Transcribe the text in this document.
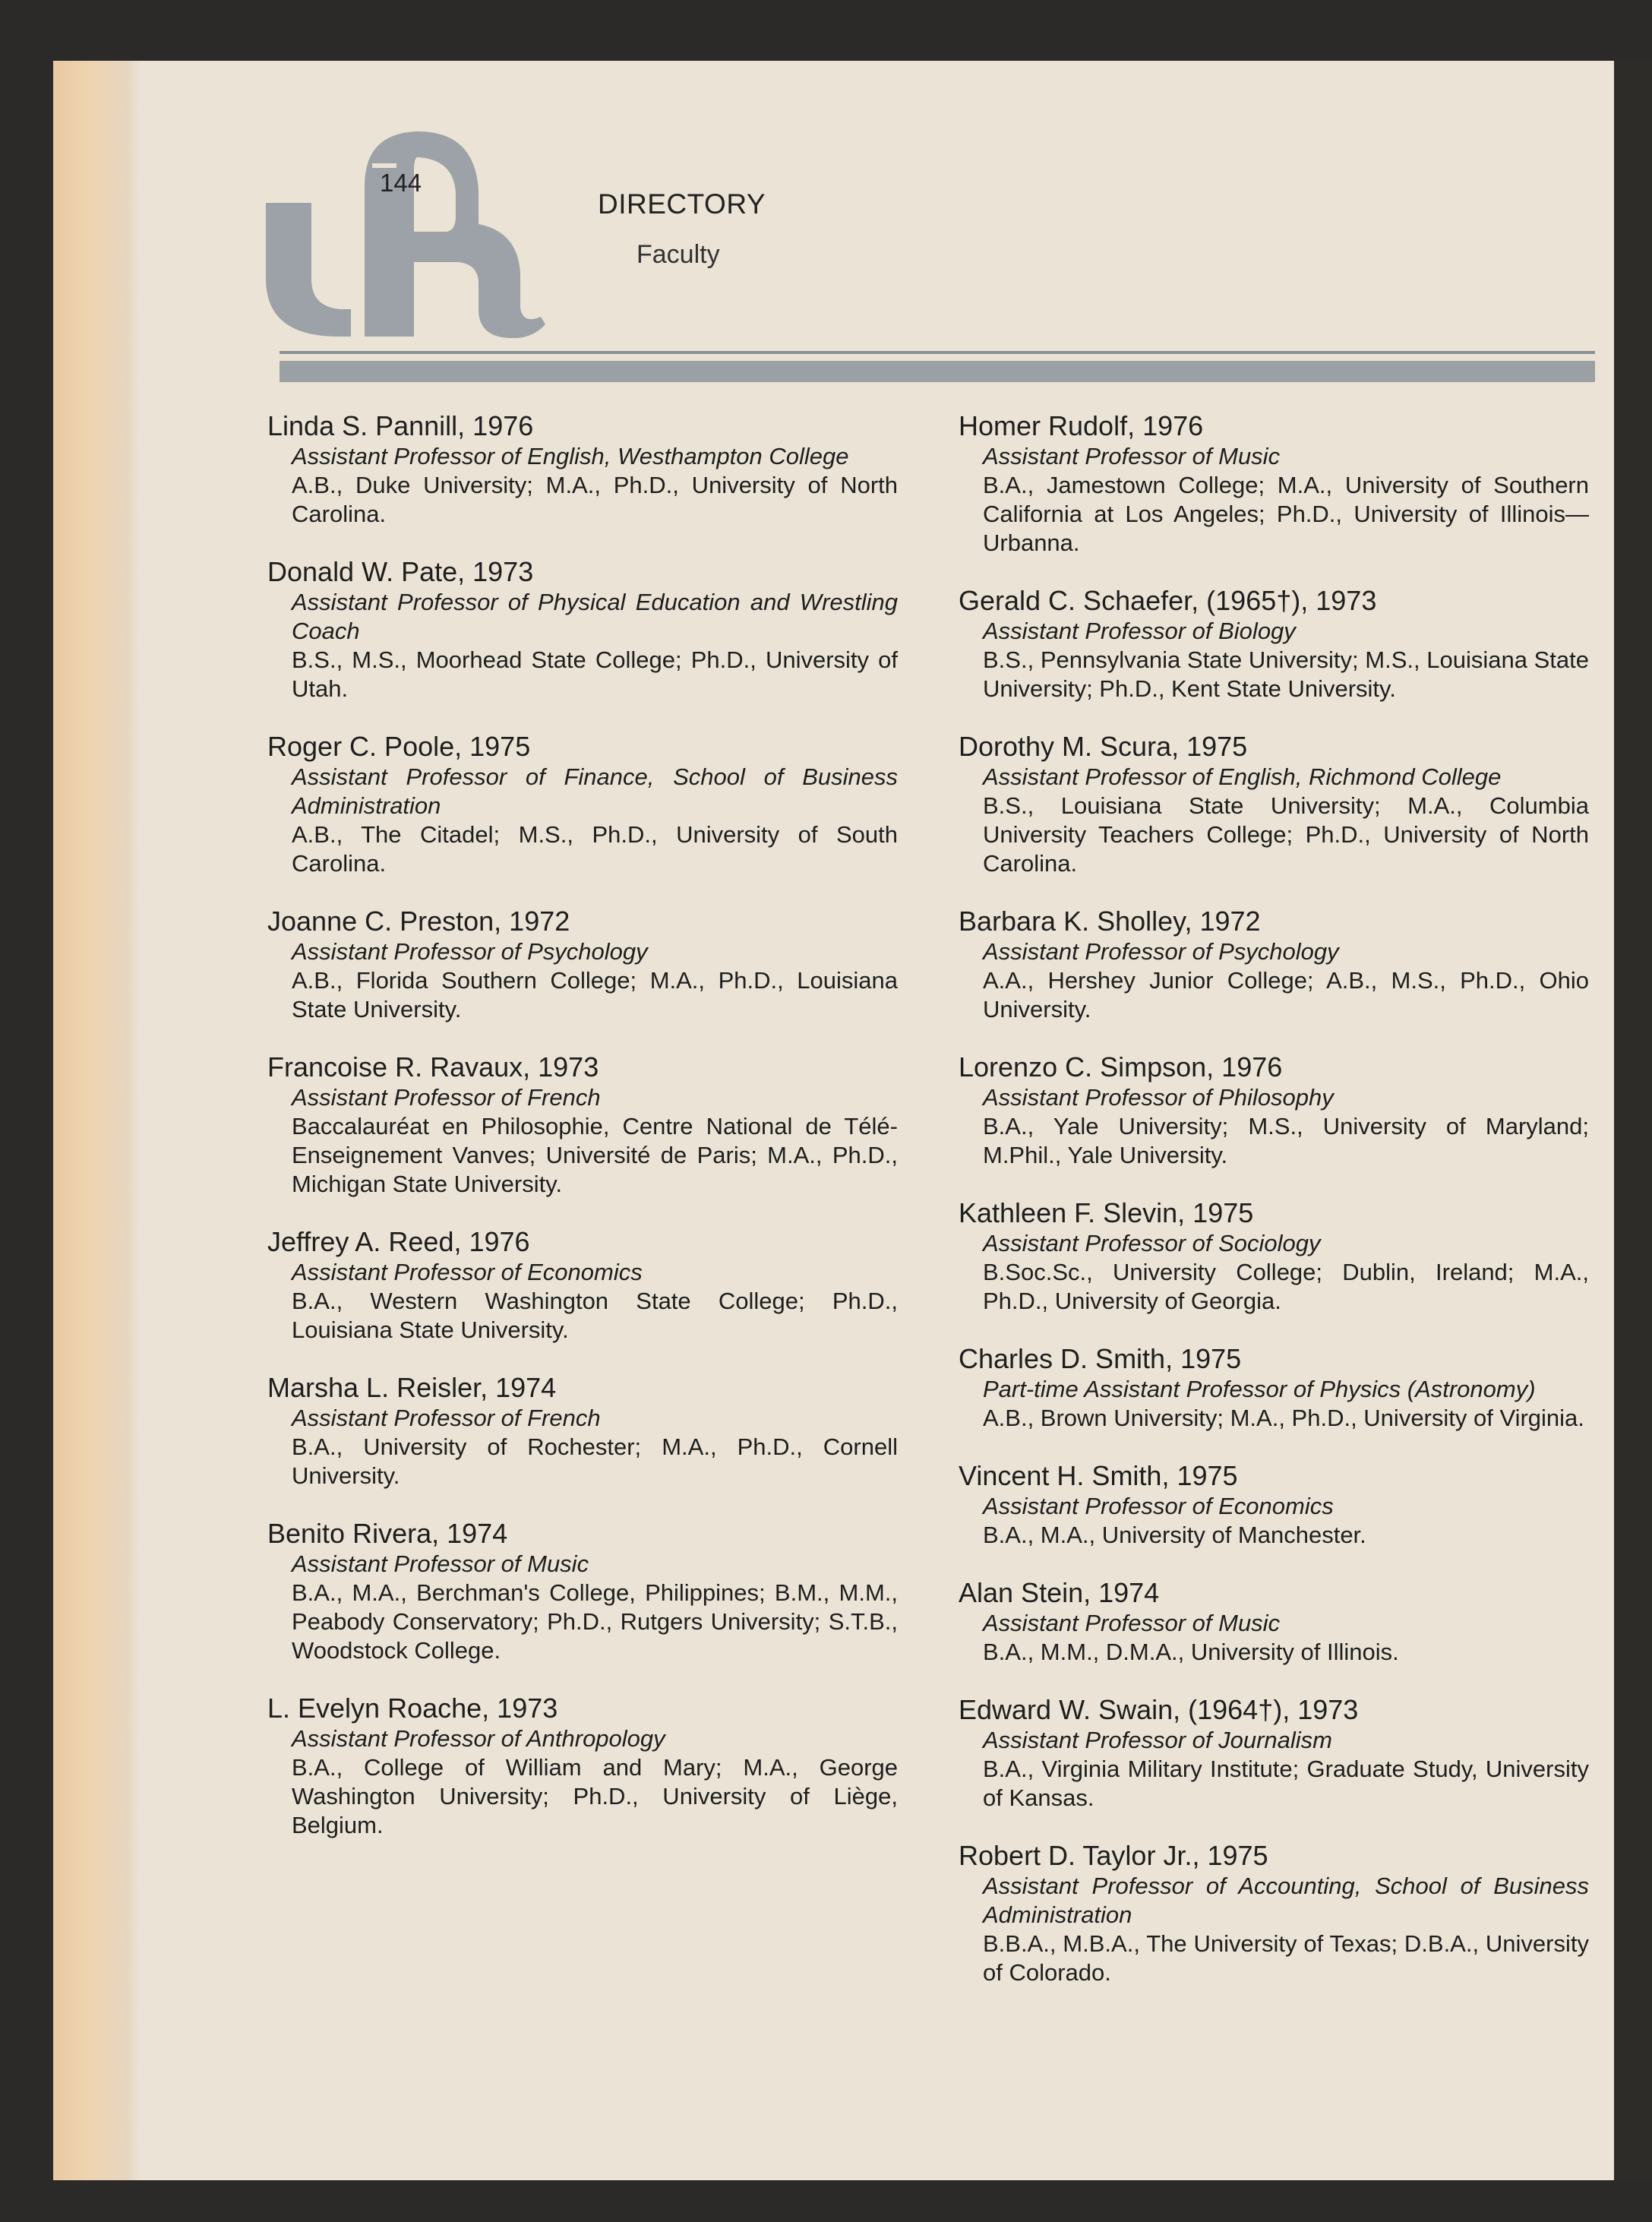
144
DIRECTORY
Faculty
Linda S. Pannill, 1976
Assistant Professor of English, Westhampton College
A.B., Duke University; M.A., Ph.D., University of North Carolina.
Donald W. Pate, 1973
Assistant Professor of Physical Education and Wrestling Coach
B.S., M.S., Moorhead State College; Ph.D., University of Utah.
Roger C. Poole, 1975
Assistant Professor of Finance, School of Business Administration
A.B., The Citadel; M.S., Ph.D., University of South Carolina.
Joanne C. Preston, 1972
Assistant Professor of Psychology
A.B., Florida Southern College; M.A., Ph.D., Louisiana State University.
Francoise R. Ravaux, 1973
Assistant Professor of French
Baccalauréat en Philosophie, Centre National de Télé-Enseignement Vanves; Université de Paris; M.A., Ph.D., Michigan State University.
Jeffrey A. Reed, 1976
Assistant Professor of Economics
B.A., Western Washington State College; Ph.D., Louisiana State University.
Marsha L. Reisler, 1974
Assistant Professor of French
B.A., University of Rochester; M.A., Ph.D., Cornell University.
Benito Rivera, 1974
Assistant Professor of Music
B.A., M.A., Berchman's College, Philippines; B.M., M.M., Peabody Conservatory; Ph.D., Rutgers University; S.T.B., Woodstock College.
L. Evelyn Roache, 1973
Assistant Professor of Anthropology
B.A., College of William and Mary; M.A., George Washington University; Ph.D., University of Liège, Belgium.
Homer Rudolf, 1976
Assistant Professor of Music
B.A., Jamestown College; M.A., University of Southern California at Los Angeles; Ph.D., University of Illinois—Urbanna.
Gerald C. Schaefer, (1965†), 1973
Assistant Professor of Biology
B.S., Pennsylvania State University; M.S., Louisiana State University; Ph.D., Kent State University.
Dorothy M. Scura, 1975
Assistant Professor of English, Richmond College
B.S., Louisiana State University; M.A., Columbia University Teachers College; Ph.D., University of North Carolina.
Barbara K. Sholley, 1972
Assistant Professor of Psychology
A.A., Hershey Junior College; A.B., M.S., Ph.D., Ohio University.
Lorenzo C. Simpson, 1976
Assistant Professor of Philosophy
B.A., Yale University; M.S., University of Maryland; M.Phil., Yale University.
Kathleen F. Slevin, 1975
Assistant Professor of Sociology
B.Soc.Sc., University College; Dublin, Ireland; M.A., Ph.D., University of Georgia.
Charles D. Smith, 1975
Part-time Assistant Professor of Physics (Astronomy)
A.B., Brown University; M.A., Ph.D., University of Virginia.
Vincent H. Smith, 1975
Assistant Professor of Economics
B.A., M.A., University of Manchester.
Alan Stein, 1974
Assistant Professor of Music
B.A., M.M., D.M.A., University of Illinois.
Edward W. Swain, (1964†), 1973
Assistant Professor of Journalism
B.A., Virginia Military Institute; Graduate Study, University of Kansas.
Robert D. Taylor Jr., 1975
Assistant Professor of Accounting, School of Business Administration
B.B.A., M.B.A., The University of Texas; D.B.A., University of Colorado.
